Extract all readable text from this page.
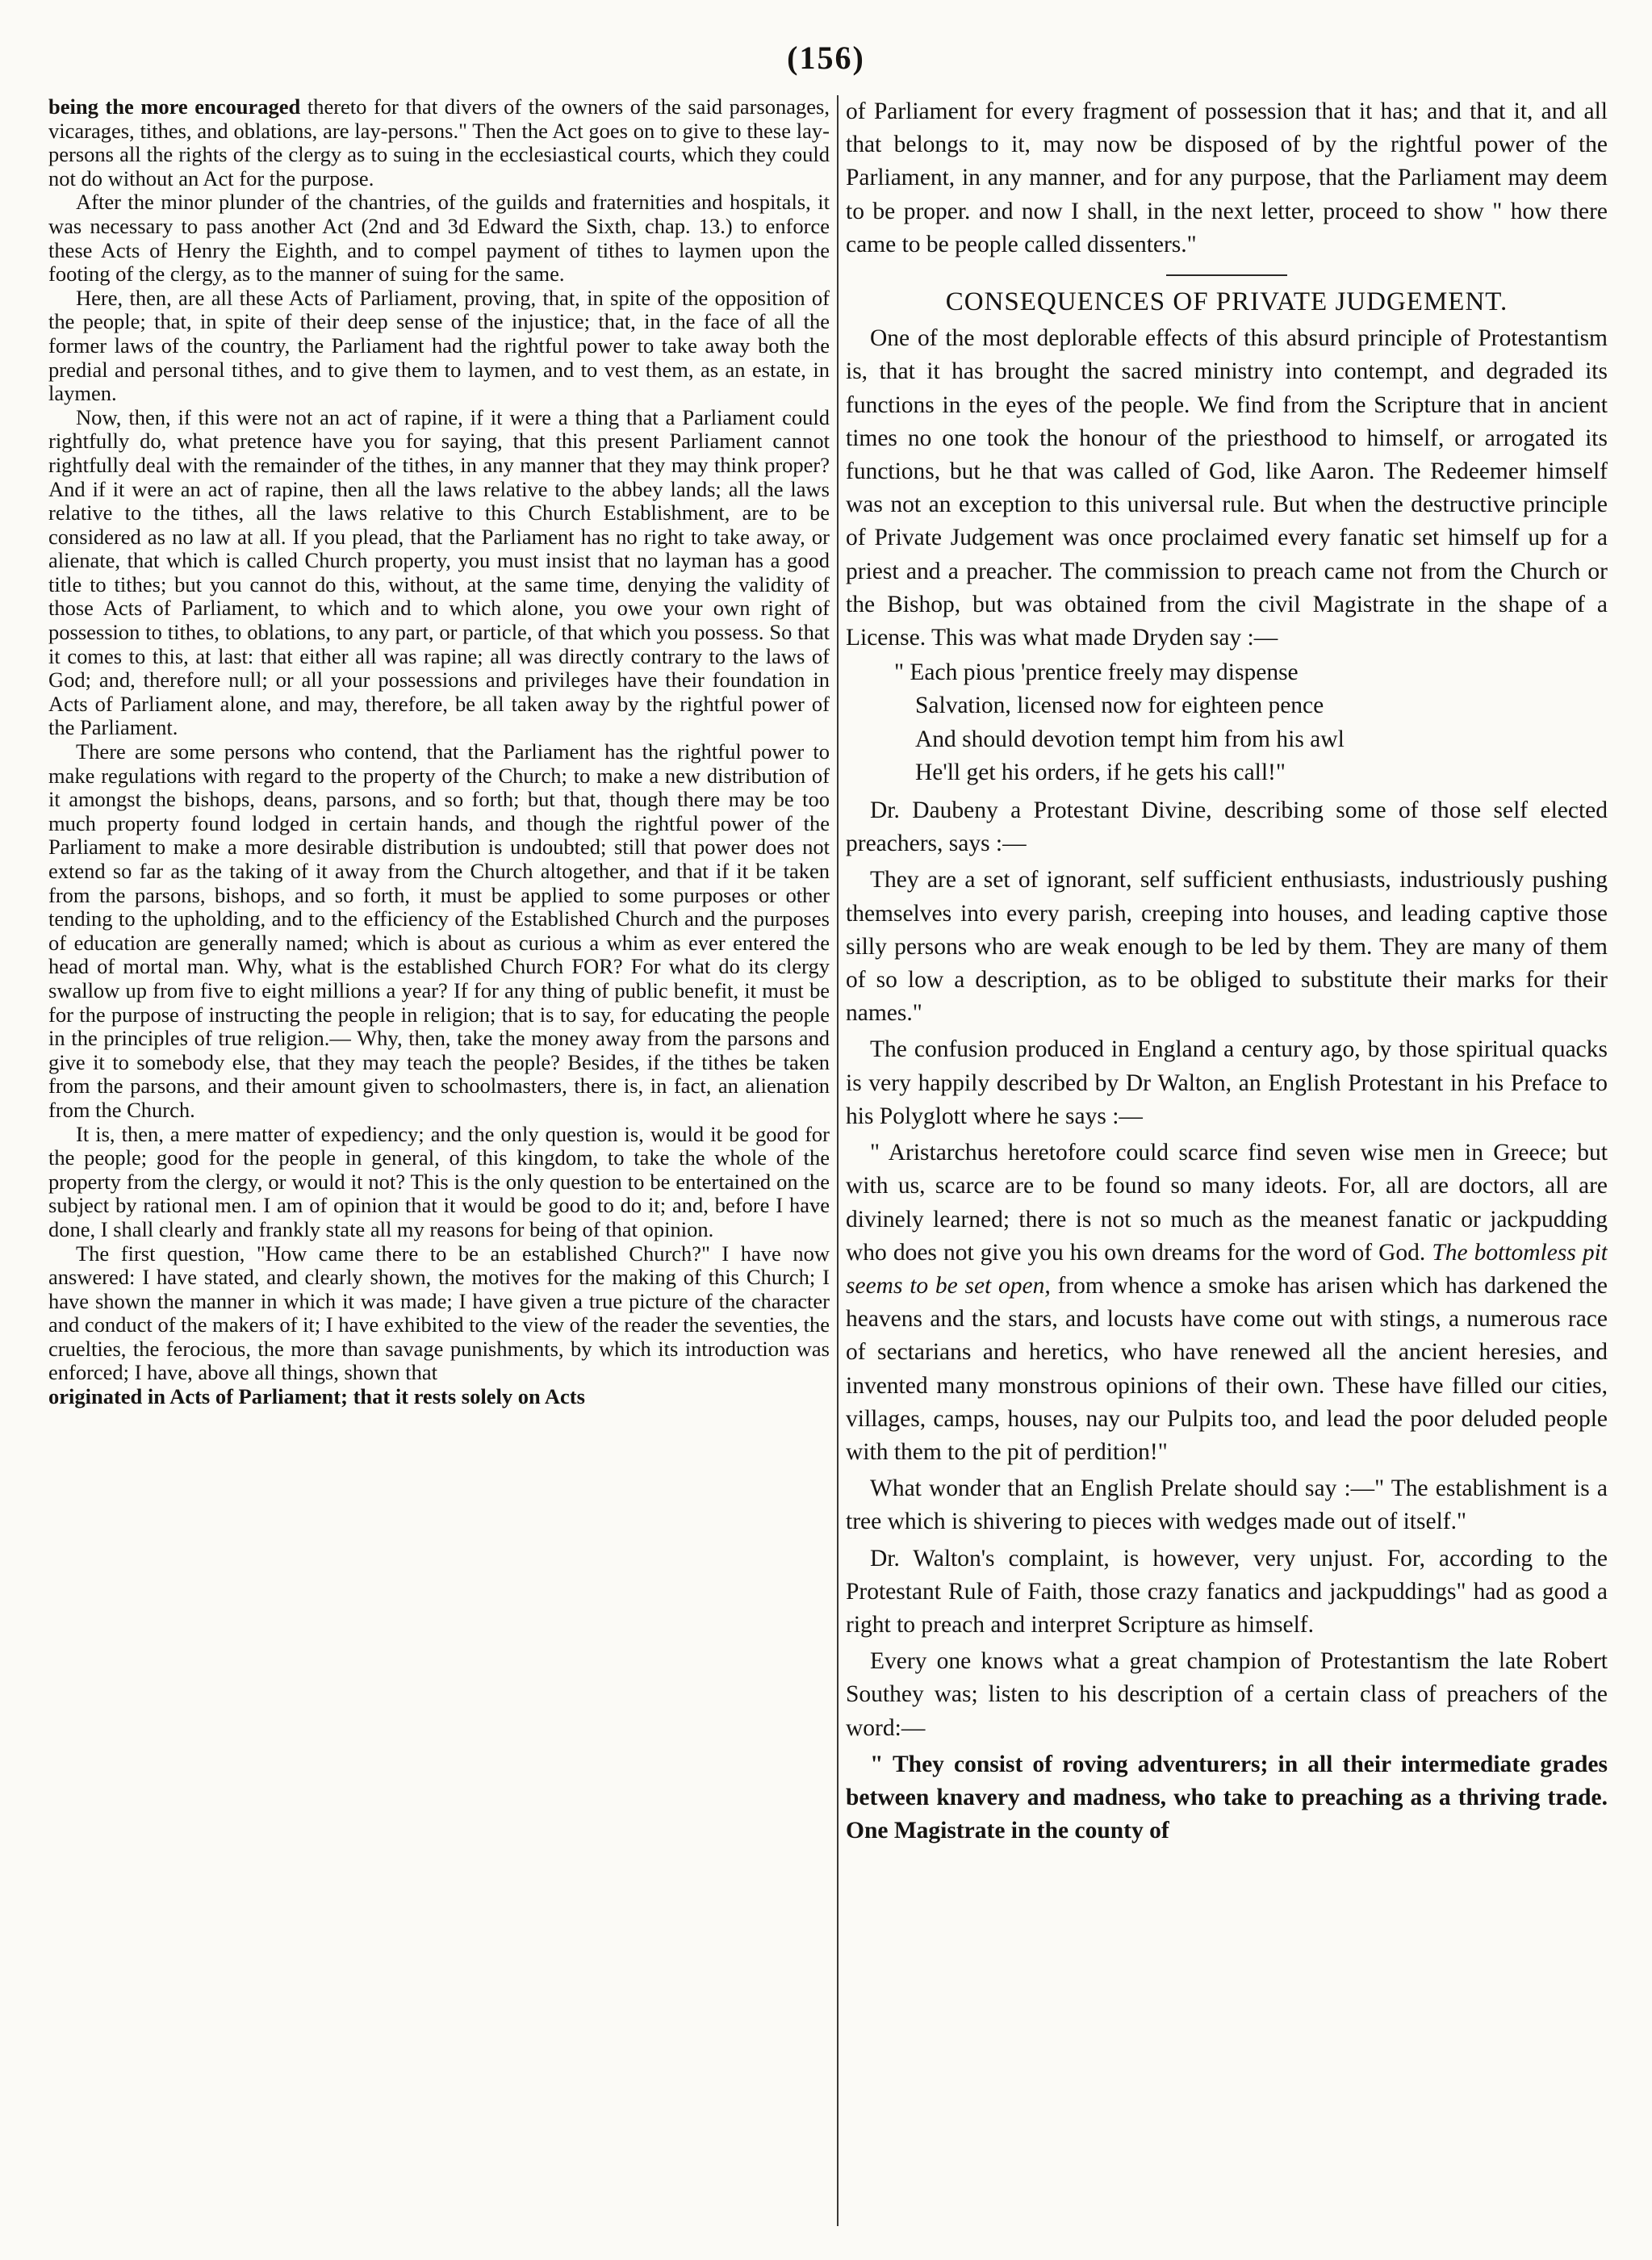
(156)

being the more encouraged thereto for that divers of the owners of the said parsonages, vicarages, tithes, and oblations, are lay-persons." Then the Act goes on to give to these lay-persons all the rights of the clergy as to suing in the ecclesiastical courts, which they could not do without an Act for the purpose.

After the minor plunder of the chantries, of the guilds and fraternities and hospitals, it was necessary to pass another Act (2nd and 3d Edward the Sixth, chap. 13.) to enforce these Acts of Henry the Eighth, and to compel payment of tithes to laymen upon the footing of the clergy, as to the manner of suing for the same.

Here, then, are all these Acts of Parliament, proving, that, in spite of the opposition of the people; that, in spite of their deep sense of the injustice; that, in the face of all the former laws of the country, the Parliament had the rightful power to take away both the predial and personal tithes, and to give them to laymen, and to vest them, as an estate, in laymen.

Now, then, if this were not an act of rapine, if it were a thing that a Parliament could rightfully do, what pretence have you for saying, that this present Parliament cannot rightfully deal with the remainder of the tithes, in any manner that they may think proper? And if it were an act of rapine, then all the laws relative to the abbey lands; all the laws relative to the tithes, all the laws relative to this Church Establishment, are to be considered as no law at all. If you plead, that the Parliament has no right to take away, or alienate, that which is called Church property, you must insist that no layman has a good title to tithes; but you cannot do this, without, at the same time, denying the validity of those Acts of Parliament, to which and to which alone, you owe your own right of possession to tithes, to oblations, to any part, or particle, of that which you possess. So that it comes to this, at last: that either all was rapine; all was directly contrary to the laws of God; and, therefore null; or all your possessions and privileges have their foundation in Acts of Parliament alone, and may, therefore, be all taken away by the rightful power of the Parliament.

There are some persons who contend, that the Parliament has the rightful power to make regulations with regard to the property of the Church; to make a new distribution of it amongst the bishops, deans, parsons, and so forth; but that, though there may be too much property found lodged in certain hands, and though the rightful power of the Parliament to make a more desirable distribution is undoubted; still that power does not extend so far as the taking of it away from the Church altogether, and that if it be taken from the parsons, bishops, and so forth, it must be applied to some purposes or other tending to the upholding, and to the efficiency of the Established Church and the purposes of education are generally named; which is about as curious a whim as ever entered the head of mortal man. Why, what is the established Church FOR? For what do its clergy swallow up from five to eight millions a year? If for any thing of public benefit, it must be for the purpose of instructing the people in religion; that is to say, for educating the people in the principles of true religion.— Why, then, take the money away from the parsons and give it to somebody else, that they may teach the people? Besides, if the tithes be taken from the parsons, and their amount given to schoolmasters, there is, in fact, an alienation from the Church.

It is, then, a mere matter of expediency; and the only question is, would it be good for the people; good for the people in general, of this kingdom, to take the whole of the property from the clergy, or would it not? This is the only question to be entertained on the subject by rational men. I am of opinion that it would be good to do it; and, before I have done, I shall clearly and frankly state all my reasons for being of that opinion.

The first question, "How came there to be an established Church?" I have now answered: I have stated, and clearly shown, the motives for the making of this Church; I have shown the manner in which it was made; I have given a true picture of the character and conduct of the makers of it; I have exhibited to the view of the reader the seventies, the cruelties, the ferocious, the more than savage punishments, by which its introduction was enforced; I have, above all things, shown that

originated in Acts of Parliament; that it rests solely on Acts

of Parliament for every fragment of possession that it has; and that it, and all that belongs to it, may now be disposed of by the rightful power of the Parliament, in any manner, and for any purpose, that the Parliament may deem to be proper. and now I shall, in the next letter, proceed to show " how there came to be people called dissenters."

CONSEQUENCES OF PRIVATE JUDGEMENT.

One of the most deplorable effects of this absurd principle of Protestantism is, that it has brought the sacred ministry into contempt, and degraded its functions in the eyes of the people. We find from the Scripture that in ancient times no one took the honour of the priesthood to himself, or arrogated its functions, but he that was called of God, like Aaron. The Redeemer himself was not an exception to this universal rule. But when the destructive principle of Private Judgement was once proclaimed every fanatic set himself up for a priest and a preacher. The commission to preach came not from the Church or the Bishop, but was obtained from the civil Magistrate in the shape of a License. This was what made Dryden say :—

" Each pious 'prentice freely may dispense
Salvation, licensed now for eighteen pence
And should devotion tempt him from his awl
He'll get his orders, if he gets his call!"

Dr. Daubeny a Protestant Divine, describing some of those self elected preachers, says :—

They are a set of ignorant, self sufficient enthusiasts, industriously pushing themselves into every parish, creeping into houses, and leading captive those silly persons who are weak enough to be led by them. They are many of them of so low a description, as to be obliged to substitute their marks for their names."

The confusion produced in England a century ago, by those spiritual quacks is very happily described by Dr Walton, an English Protestant in his Preface to his Polyglott where he says :—

" Aristarchus heretofore could scarce find seven wise men in Greece; but with us, scarce are to be found so many ideots. For, all are doctors, all are divinely learned; there is not so much as the meanest fanatic or jackpudding who does not give you his own dreams for the word of God. The bottomless pit seems to be set open, from whence a smoke has arisen which has darkened the heavens and the stars, and locusts have come out with stings, a numerous race of sectarians and heretics, who have renewed all the ancient heresies, and invented many monstrous opinions of their own. These have filled our cities, villages, camps, houses, nay our Pulpits too, and lead the poor deluded people with them to the pit of perdition!"

What wonder that an English Prelate should say :—" The establishment is a tree which is shivering to pieces with wedges made out of itself."

Dr. Walton's complaint, is however, very unjust. For, according to the Protestant Rule of Faith, those crazy fanatics and jackpuddings" had as good a right to preach and interpret Scripture as himself.

Every one knows what a great champion of Protestantism the late Robert Southey was; listen to his description of a certain class of preachers of the word:—

" They consist of roving adventurers; in all their intermediate grades between knavery and madness, who take to preaching as a thriving trade. One Magistrate in the county of
